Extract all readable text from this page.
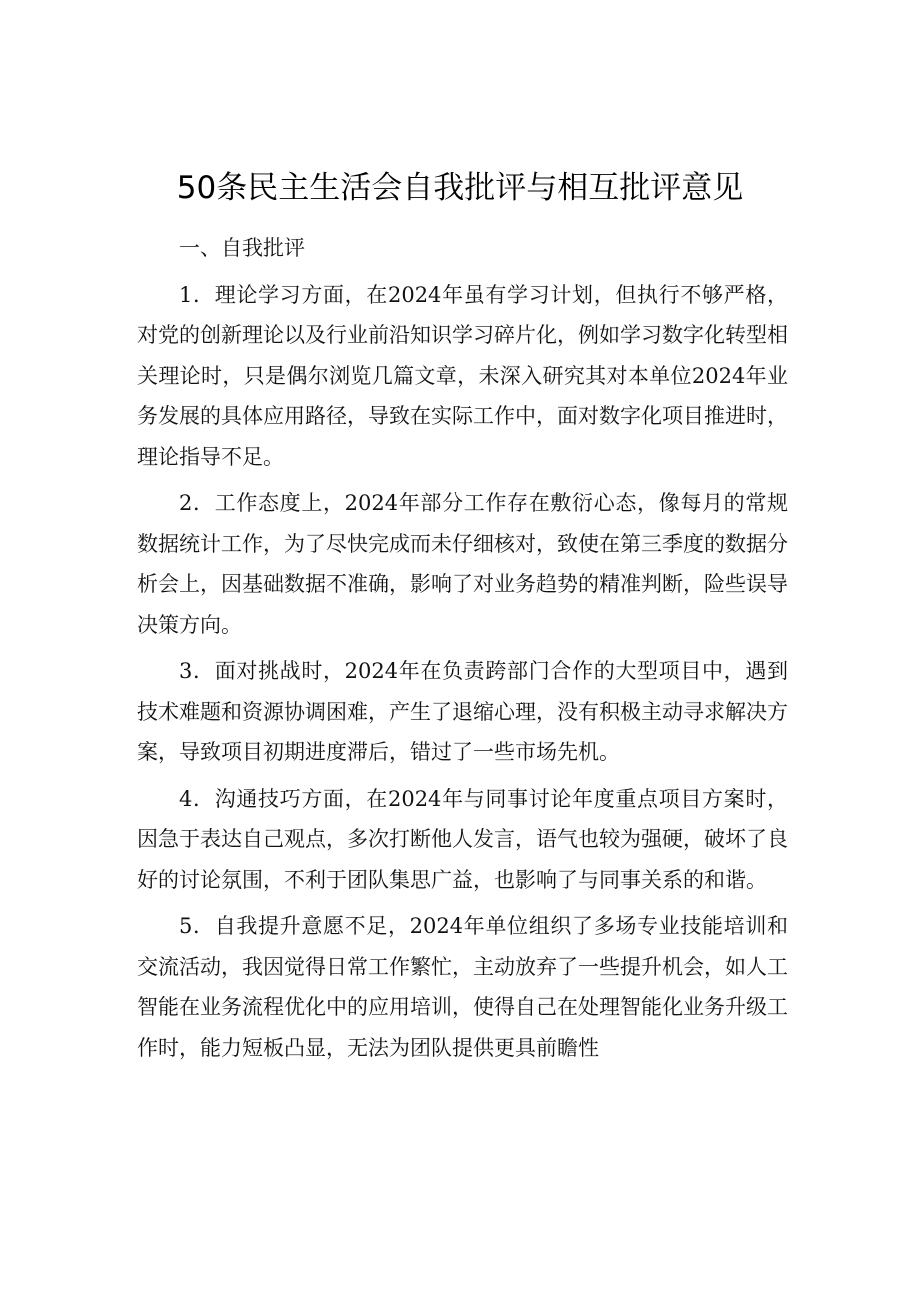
50条民主生活会自我批评与相互批评意见

一、自我批评

1．理论学习方面，在2024年虽有学习计划，但执行不够严格，对党的创新理论以及行业前沿知识学习碎片化，例如学习数字化转型相关理论时，只是偶尔浏览几篇文章，未深入研究其对本单位2024年业务发展的具体应用路径，导致在实际工作中，面对数字化项目推进时，理论指导不足。

2．工作态度上，2024年部分工作存在敷衍心态，像每月的常规数据统计工作，为了尽快完成而未仔细核对，致使在第三季度的数据分析会上，因基础数据不准确，影响了对业务趋势的精准判断，险些误导决策方向。

3．面对挑战时，2024年在负责跨部门合作的大型项目中，遇到技术难题和资源协调困难，产生了退缩心理，没有积极主动寻求解决方案，导致项目初期进度滞后，错过了一些市场先机。

4．沟通技巧方面，在2024年与同事讨论年度重点项目方案时，因急于表达自己观点，多次打断他人发言，语气也较为强硬，破坏了良好的讨论氛围，不利于团队集思广益，也影响了与同事关系的和谐。

5．自我提升意愿不足，2024年单位组织了多场专业技能培训和交流活动，我因觉得日常工作繁忙，主动放弃了一些提升机会，如人工智能在业务流程优化中的应用培训，使得自己在处理智能化业务升级工作时，能力短板凸显，无法为团队提供更具前瞻性
